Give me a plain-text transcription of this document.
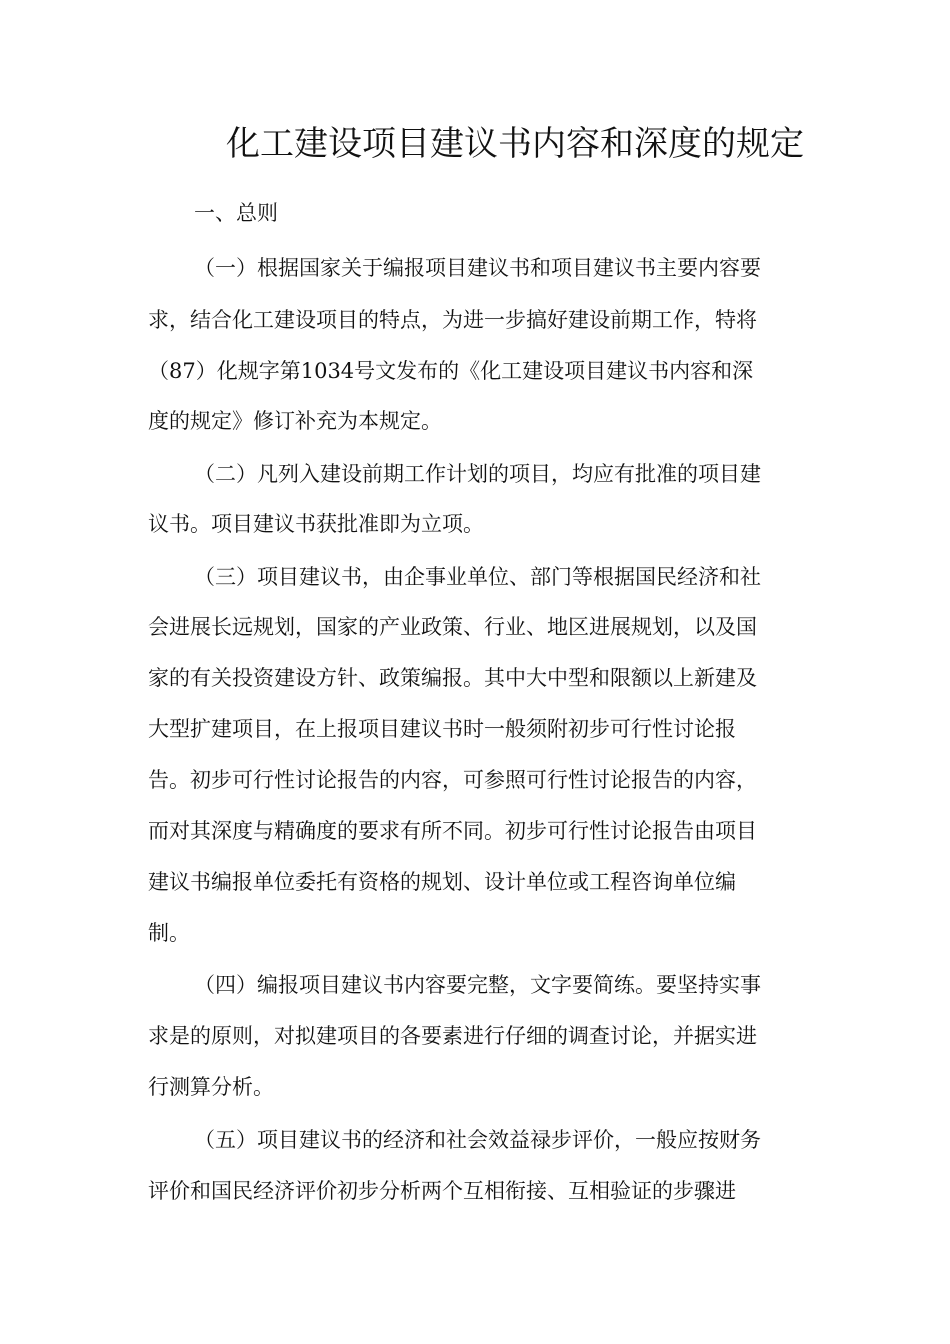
化工建设项目建议书内容和深度的规定
一、总则
（一）根据国家关于编报项目建议书和项目建议书主要内容要
求，结合化工建设项目的特点，为进一步搞好建设前期工作，特将
（87）化规字第1034号文发布的《化工建设项目建议书内容和深
度的规定》修订补充为本规定。
（二）凡列入建设前期工作计划的项目，均应有批准的项目建
议书。项目建议书获批准即为立项。
（三）项目建议书，由企事业单位、部门等根据国民经济和社
会进展长远规划，国家的产业政策、行业、地区进展规划，以及国
家的有关投资建设方针、政策编报。其中大中型和限额以上新建及
大型扩建项目，在上报项目建议书时一般须附初步可行性讨论报
告。初步可行性讨论报告的内容，可参照可行性讨论报告的内容，
而对其深度与精确度的要求有所不同。初步可行性讨论报告由项目
建议书编报单位委托有资格的规划、设计单位或工程咨询单位编
制。
（四）编报项目建议书内容要完整，文字要简练。要坚持实事
求是的原则，对拟建项目的各要素进行仔细的调查讨论，并据实进
行测算分析。
（五）项目建议书的经济和社会效益禄步评价，一般应按财务
评价和国民经济评价初步分析两个互相衔接、互相验证的步骤进
